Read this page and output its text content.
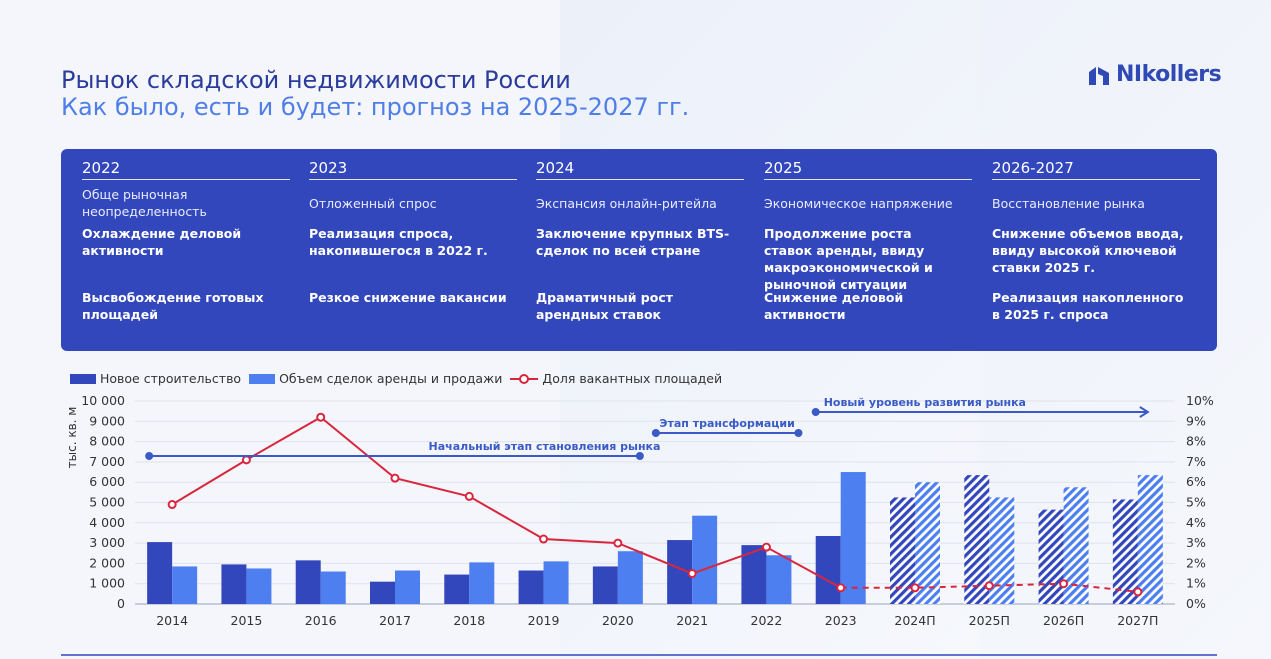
Рынок складской недвижимости России
Как было, есть и будет: прогноз на 2025-2027 гг.
NIkollers
2022
Обще рыночная неопределенность
Охлаждение деловой активности
Высвобождение готовых площадей
2023
Отложенный спрос
Реализация спроса, накопившегося в 2022 г.
Резкое снижение вакансии
2024
Экспансия онлайн-ритейла
Заключение крупных BTS-сделок по всей стране
Драматичный рост арендных ставок
2025
Экономическое напряжение
Продолжение роста ставок аренды, ввиду макроэкономической и рыночной ситуации
Снижение деловой активности
2026-2027
Восстановление рынка
Снижение объемов ввода, ввиду высокой ключевой ставки 2025 г.
Реализация накопленного в 2025 г. спроса
Новое строительство	Объем сделок аренды и продажи	Доля вакантных площадей
0
1 000
2 000
3 000
4 000
5 000
6 000
7 000
8 000
9 000
10 000
0%
1%
2%
3%
4%
5%
6%
7%
8%
9%
10%
тыс. кв. м
2014	2015	2016	2017	2018	2019	2020	2021	2022	2023	2024П	2025П	2026П	2027П
Начальный этап становления рынка
Этап трансформации
Новый уровень развития рынка
